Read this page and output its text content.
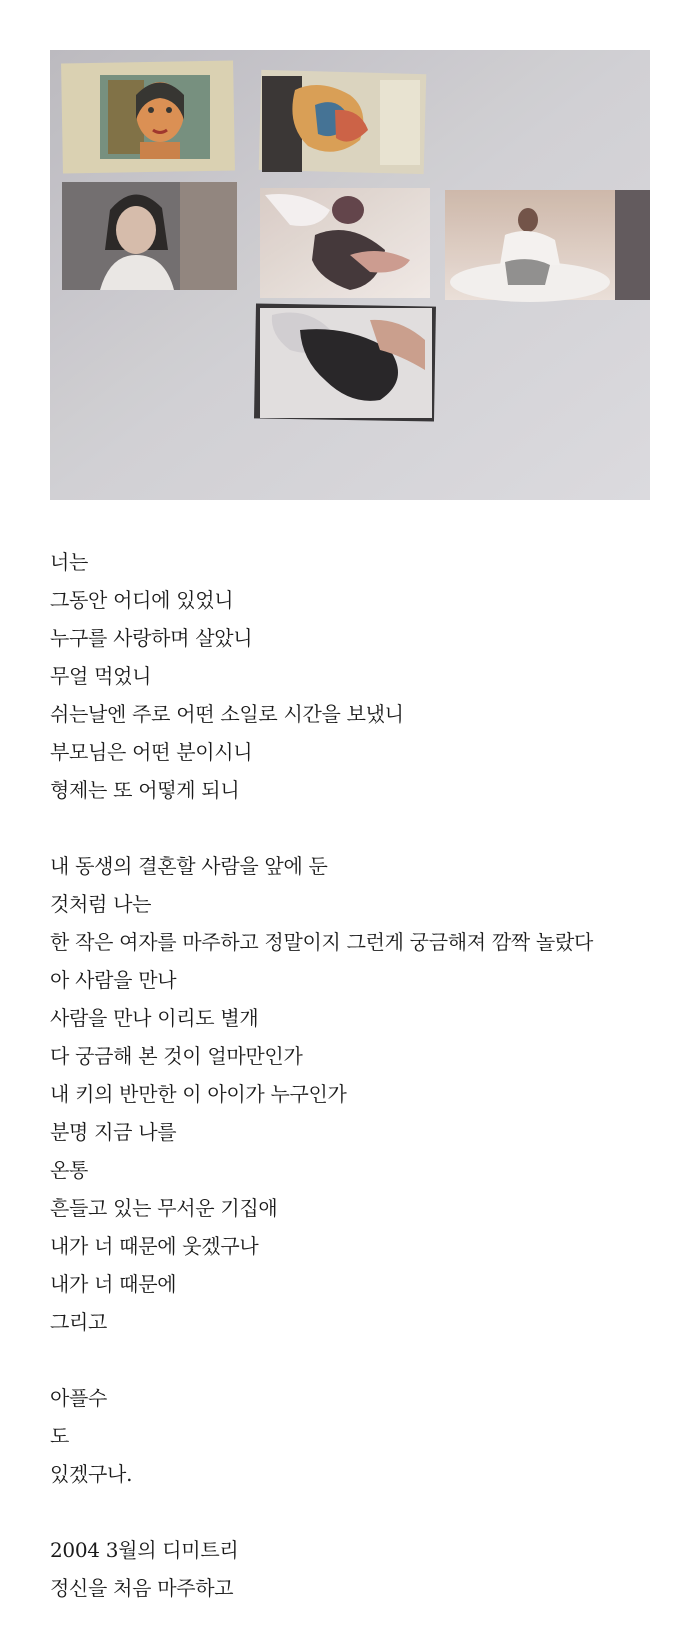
너는
그동안 어디에 있었니
누구를 사랑하며 살았니
무얼 먹었니
쉬는날엔 주로 어떤 소일로 시간을 보냈니
부모님은 어떤 분이시니
형제는 또 어떻게 되니
내 동생의 결혼할 사람을 앞에 둔
것처럼 나는
한 작은 여자를 마주하고 정말이지 그런게 궁금해져 깜짝 놀랐다
아 사람을 만나
사람을 만나 이리도 별개
다 궁금해 본 것이 얼마만인가
내 키의 반만한 이 아이가 누구인가
분명 지금 나를
온통
흔들고 있는 무서운 기집애
내가 너 때문에 웃겠구나
내가 너 때문에
그리고
아플수
도
있겠구나.
2004 3월의 디미트리
정신을 처음 마주하고
